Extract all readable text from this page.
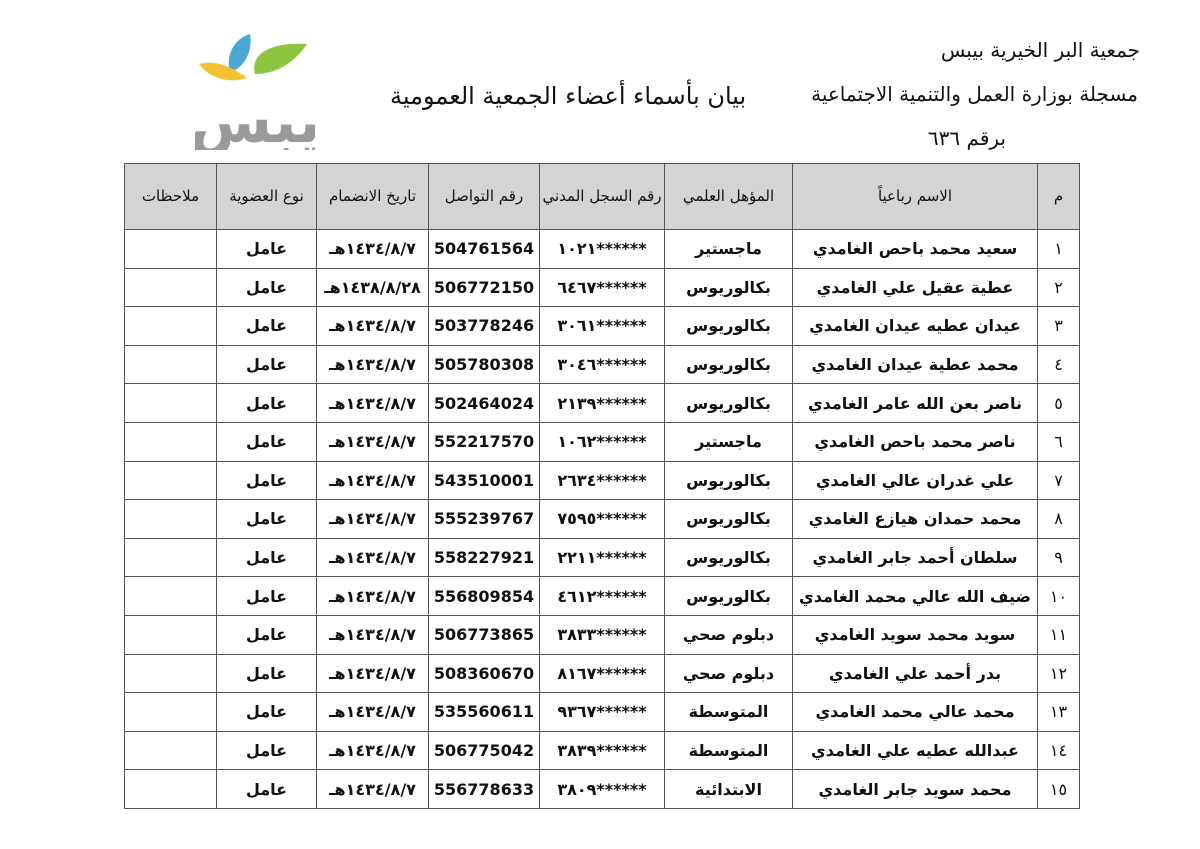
يبس
جمعية البر الخيرية بيبس
مسجلة بوزارة العمل والتنمية الاجتماعية
برقم ٦٣٦
بيان بأسماء أعضاء الجمعية العمومية
م	الاسم رباعياً	المؤهل العلمي	رقم السجل المدني	رقم التواصل	تاريخ الانضمام	نوع العضوية	ملاحظات
١	سعيد محمد باحص الغامدي	ماجستير	١٠٢١******	504761564	١٤٣٤/٨/٧هـ	عامل	
٢	عطية عقيل علي الغامدي	بكالوريوس	٦٤٦٧******	506772150	١٤٣٨/٨/٢٨هـ	عامل	
٣	عيدان عطيه عيدان الغامدي	بكالوريوس	٣٠٦١******	503778246	١٤٣٤/٨/٧هـ	عامل	
٤	محمد عطية عيدان الغامدي	بكالوريوس	٣٠٤٦******	505780308	١٤٣٤/٨/٧هـ	عامل	
٥	ناصر بعن الله عامر الغامدي	بكالوريوس	٢١٣٩******	502464024	١٤٣٤/٨/٧هـ	عامل	
٦	ناصر محمد باحص الغامدي	ماجستير	١٠٦٢******	552217570	١٤٣٤/٨/٧هـ	عامل	
٧	علي غدران عالي الغامدي	بكالوريوس	٢٦٣٤******	543510001	١٤٣٤/٨/٧هـ	عامل	
٨	محمد حمدان هيازع الغامدي	بكالوريوس	٧٥٩٥******	555239767	١٤٣٤/٨/٧هـ	عامل	
٩	سلطان أحمد جابر الغامدي	بكالوريوس	٢٢١١******	558227921	١٤٣٤/٨/٧هـ	عامل	
١٠	ضيف الله عالي محمد الغامدي	بكالوريوس	٤٦١٢******	556809854	١٤٣٤/٨/٧هـ	عامل	
١١	سويد محمد سويد الغامدي	دبلوم صحي	٣٨٣٣******	506773865	١٤٣٤/٨/٧هـ	عامل	
١٢	بدر أحمد علي الغامدي	دبلوم صحي	٨١٦٧******	508360670	١٤٣٤/٨/٧هـ	عامل	
١٣	محمد عالي محمد الغامدي	المتوسطة	٩٣٦٧******	535560611	١٤٣٤/٨/٧هـ	عامل	
١٤	عبدالله عطيه علي الغامدي	المتوسطة	٣٨٣٩******	506775042	١٤٣٤/٨/٧هـ	عامل	
١٥	محمد سويد جابر الغامدي	الابتدائية	٣٨٠٩******	556778633	١٤٣٤/٨/٧هـ	عامل	
